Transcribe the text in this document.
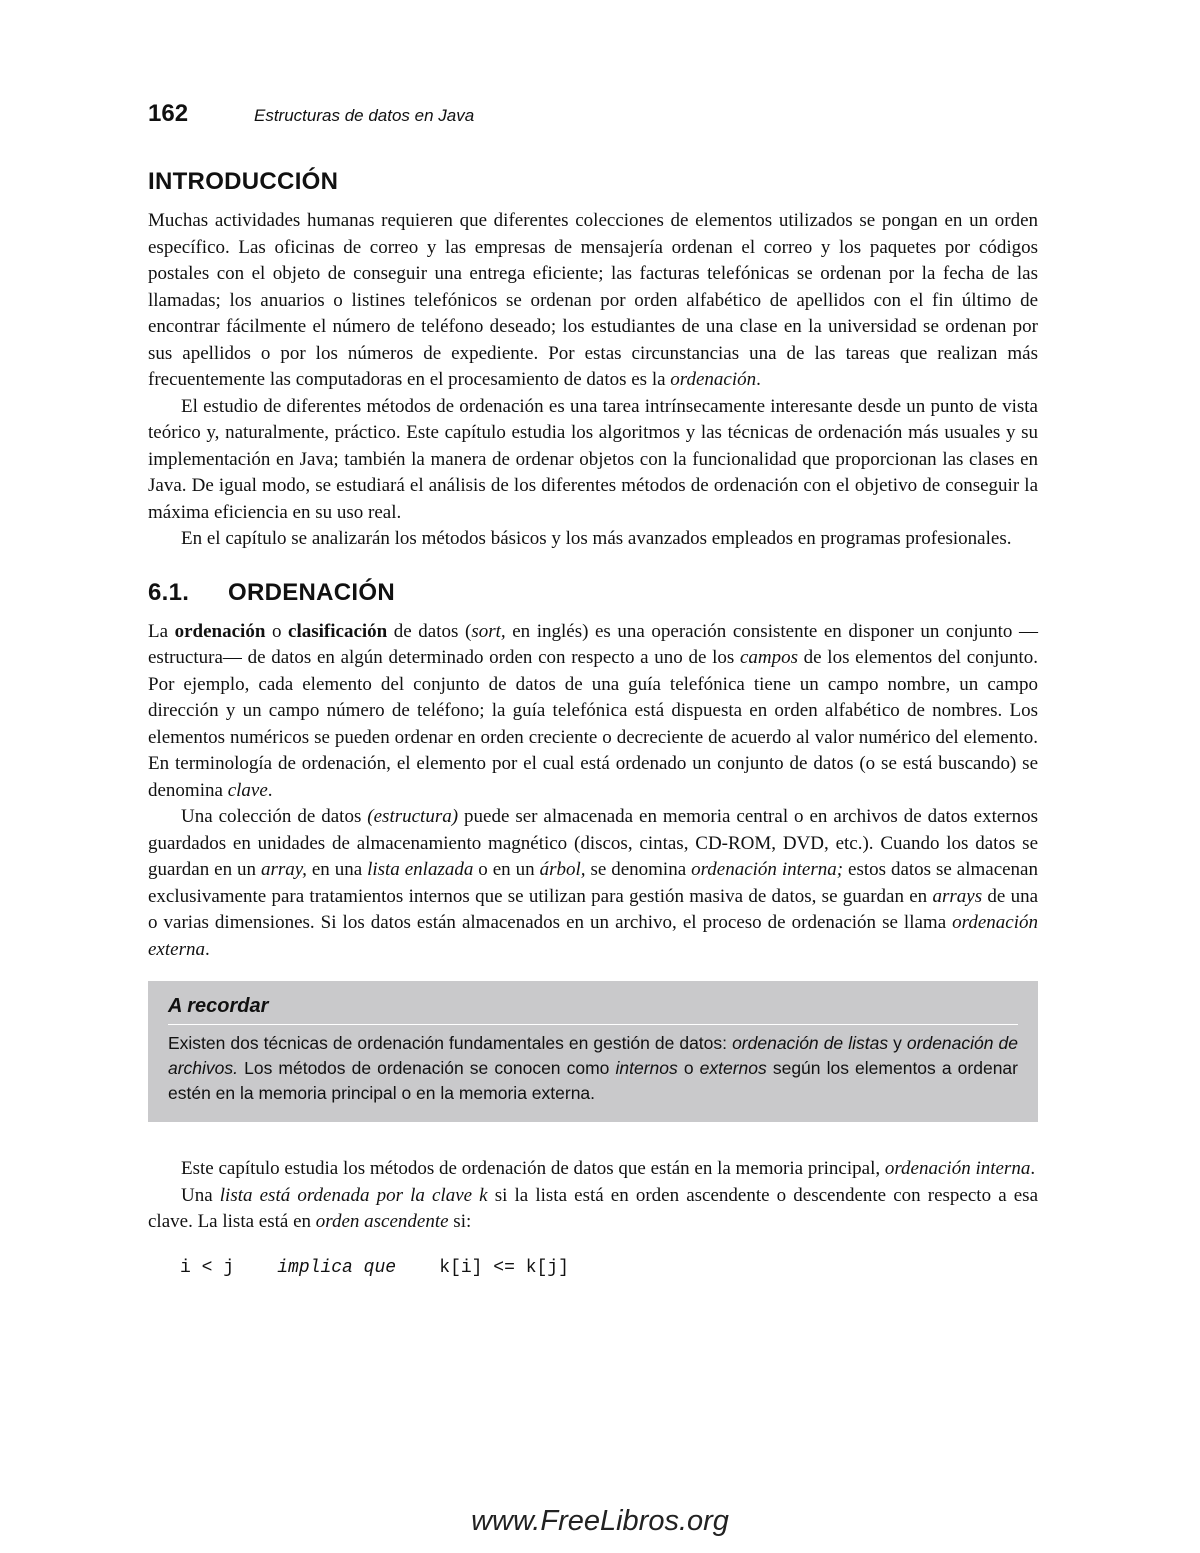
162	Estructuras de datos en Java
INTRODUCCIÓN

Muchas actividades humanas requieren que diferentes colecciones de elementos utilizados se pongan en un orden específico. Las oficinas de correo y las empresas de mensajería ordenan el correo y los paquetes por códigos postales con el objeto de conseguir una entrega eficiente; las facturas telefónicas se ordenan por la fecha de las llamadas; los anuarios o listines telefónicos se ordenan por orden alfabético de apellidos con el fin último de encontrar fácilmente el número de teléfono deseado; los estudiantes de una clase en la universidad se ordenan por sus apellidos o por los números de expediente. Por estas circunstancias una de las tareas que realizan más frecuentemente las computadoras en el procesamiento de datos es la ordenación.

El estudio de diferentes métodos de ordenación es una tarea intrínsecamente interesante desde un punto de vista teórico y, naturalmente, práctico. Este capítulo estudia los algoritmos y las técnicas de ordenación más usuales y su implementación en Java; también la manera de ordenar objetos con la funcionalidad que proporcionan las clases en Java. De igual modo, se estudiará el análisis de los diferentes métodos de ordenación con el objetivo de conseguir la máxima eficiencia en su uso real.

En el capítulo se analizarán los métodos básicos y los más avanzados empleados en programas profesionales.

6.1. ORDENACIÓN

La ordenación o clasificación de datos (sort, en inglés) es una operación consistente en disponer un conjunto —estructura— de datos en algún determinado orden con respecto a uno de los campos de los elementos del conjunto. Por ejemplo, cada elemento del conjunto de datos de una guía telefónica tiene un campo nombre, un campo dirección y un campo número de teléfono; la guía telefónica está dispuesta en orden alfabético de nombres. Los elementos numéricos se pueden ordenar en orden creciente o decreciente de acuerdo al valor numérico del elemento. En terminología de ordenación, el elemento por el cual está ordenado un conjunto de datos (o se está buscando) se denomina clave.

Una colección de datos (estructura) puede ser almacenada en memoria central o en archivos de datos externos guardados en unidades de almacenamiento magnético (discos, cintas, CD-ROM, DVD, etc.). Cuando los datos se guardan en un array, en una lista enlazada o en un árbol, se denomina ordenación interna; estos datos se almacenan exclusivamente para tratamientos internos que se utilizan para gestión masiva de datos, se guardan en arrays de una o varias dimensiones. Si los datos están almacenados en un archivo, el proceso de ordenación se llama ordenación externa.

A recordar
Existen dos técnicas de ordenación fundamentales en gestión de datos: ordenación de listas y ordenación de archivos. Los métodos de ordenación se conocen como internos o externos según los elementos a ordenar estén en la memoria principal o en la memoria externa.

Este capítulo estudia los métodos de ordenación de datos que están en la memoria principal, ordenación interna.

Una lista está ordenada por la clave k si la lista está en orden ascendente o descendente con respecto a esa clave. La lista está en orden ascendente si:

i < j implica que k[i] <= k[j]
www.FreeLibros.org
